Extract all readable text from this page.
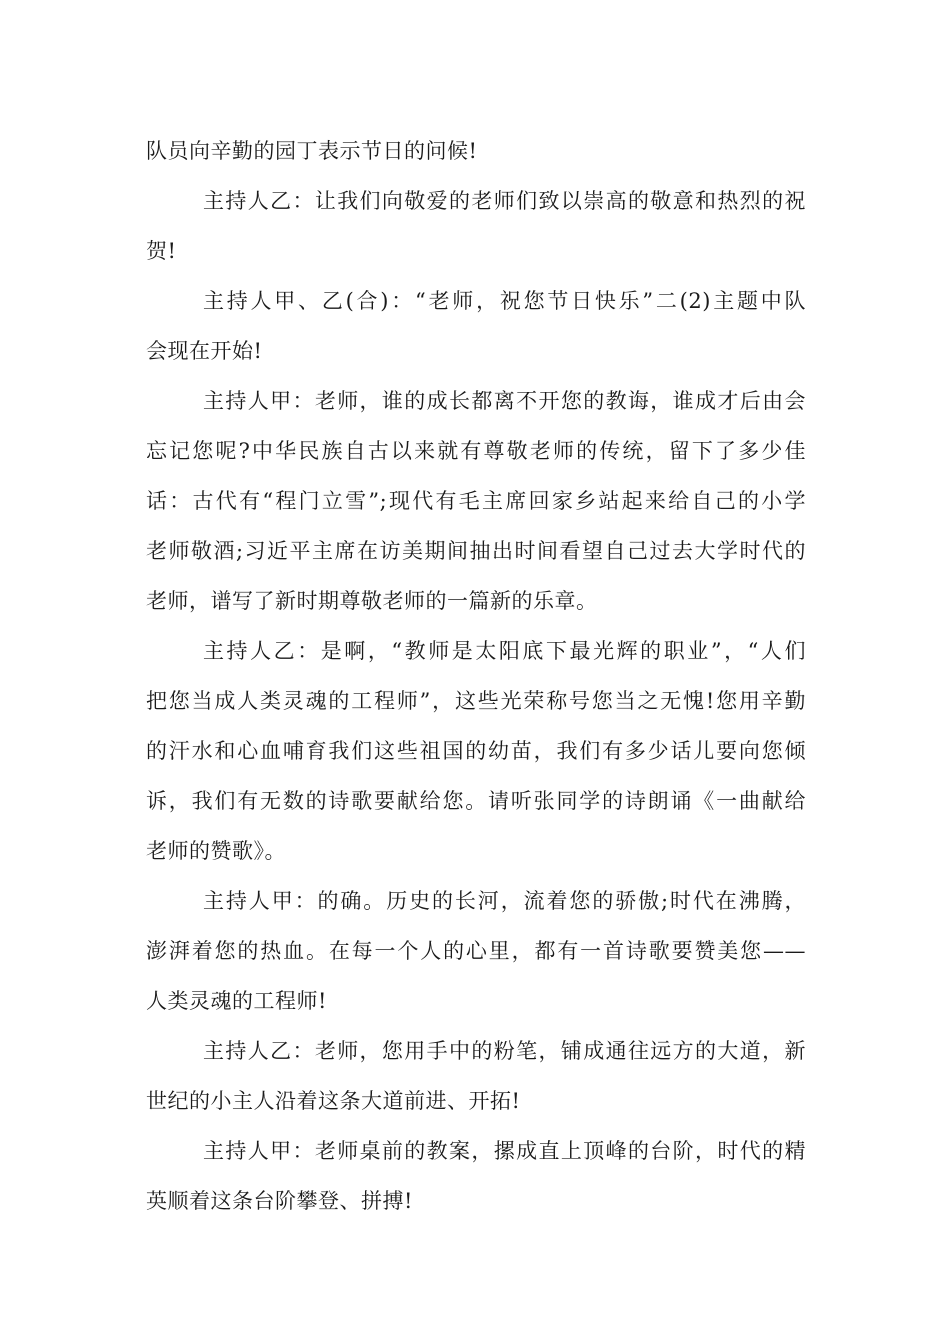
队员向辛勤的园丁表示节日的问候!

主持人乙：让我们向敬爱的老师们致以崇高的敬意和热烈的祝

贺!

主持人甲、乙(合)：“老师，祝您节日快乐”二(2)主题中队

会现在开始!

主持人甲：老师，谁的成长都离不开您的教诲，谁成才后由会

忘记您呢?中华民族自古以来就有尊敬老师的传统，留下了多少佳

话：古代有“程门立雪”;现代有毛主席回家乡站起来给自己的小学

老师敬酒;习近平主席在访美期间抽出时间看望自己过去大学时代的

老师，谱写了新时期尊敬老师的一篇新的乐章。

主持人乙：是啊，“教师是太阳底下最光辉的职业”，“人们

把您当成人类灵魂的工程师”，这些光荣称号您当之无愧!您用辛勤

的汗水和心血哺育我们这些祖国的幼苗，我们有多少话儿要向您倾

诉，我们有无数的诗歌要献给您。请听张同学的诗朗诵《一曲献给

老师的赞歌》。

主持人甲：的确。历史的长河，流着您的骄傲;时代在沸腾，

澎湃着您的热血。在每一个人的心里，都有一首诗歌要赞美您——

人类灵魂的工程师!

主持人乙：老师，您用手中的粉笔，铺成通往远方的大道，新

世纪的小主人沿着这条大道前进、开拓!

主持人甲：老师桌前的教案，摞成直上顶峰的台阶，时代的精

英顺着这条台阶攀登、拼搏!
